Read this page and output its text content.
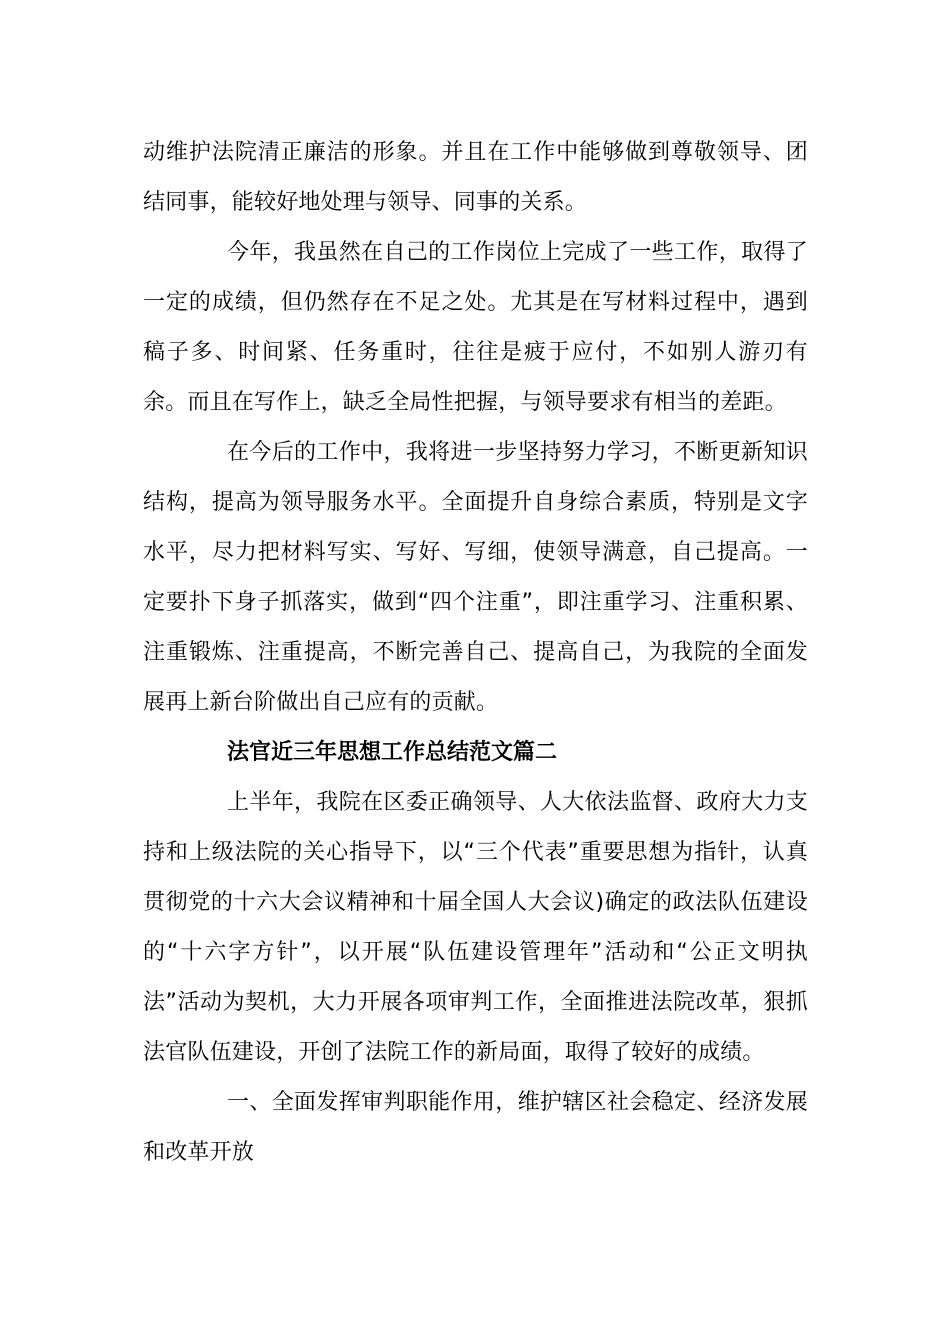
动维护法院清正廉洁的形象。并且在工作中能够做到尊敬领导、团结同事，能较好地处理与领导、同事的关系。

今年，我虽然在自己的工作岗位上完成了一些工作，取得了一定的成绩，但仍然存在不足之处。尤其是在写材料过程中，遇到稿子多、时间紧、任务重时，往往是疲于应付，不如别人游刃有余。而且在写作上，缺乏全局性把握，与领导要求有相当的差距。

在今后的工作中，我将进一步坚持努力学习，不断更新知识结构，提高为领导服务水平。全面提升自身综合素质，特别是文字水平，尽力把材料写实、写好、写细，使领导满意，自己提高。一定要扑下身子抓落实，做到“四个注重”，即注重学习、注重积累、注重锻炼、注重提高，不断完善自己、提高自己，为我院的全面发展再上新台阶做出自己应有的贡献。

法官近三年思想工作总结范文篇二

上半年，我院在区委正确领导、人大依法监督、政府大力支持和上级法院的关心指导下，以“三个代表”重要思想为指针，认真贯彻党的十六大会议精神和十届全国人大会议)确定的政法队伍建设的“十六字方针”，以开展“队伍建设管理年”活动和“公正文明执法”活动为契机，大力开展各项审判工作，全面推进法院改革，狠抓法官队伍建设，开创了法院工作的新局面，取得了较好的成绩。

一、全面发挥审判职能作用，维护辖区社会稳定、经济发展和改革开放
